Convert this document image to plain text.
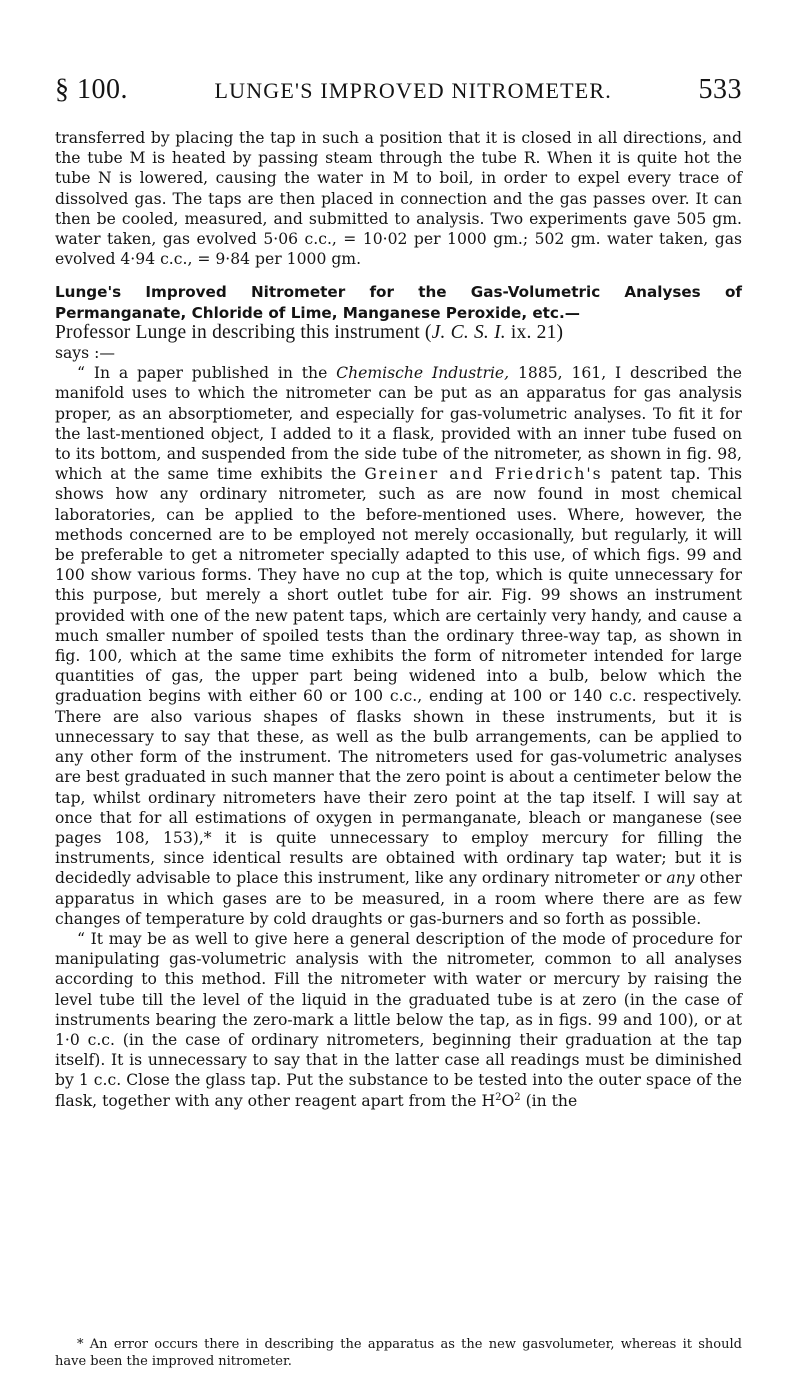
§ 100.	LUNGE'S IMPROVED NITROMETER.	533

transferred by placing the tap in such a position that it is closed in all directions, and the tube M is heated by passing steam through the tube R. When it is quite hot the tube N is lowered, causing the water in M to boil, in order to expel every trace of dissolved gas. The taps are then placed in connection and the gas passes over. It can then be cooled, measured, and submitted to analysis. Two experiments gave 505 gm. water taken, gas evolved 5·06 c.c., = 10·02 per 1000 gm.; 502 gm. water taken, gas evolved 4·94 c.c., = 9·84 per 1000 gm.

Lunge's Improved Nitrometer for the Gas-Volumetric Analyses of Permanganate, Chloride of Lime, Manganese Peroxide, etc.—

Professor Lunge in describing this instrument (J. C. S. I. ix. 21)
says :—

“ In a paper published in the Chemische Industrie, 1885, 161, I described the manifold uses to which the nitrometer can be put as an apparatus for gas analysis proper, as an absorptiometer, and especially for gas-volumetric analyses. To fit it for the last-mentioned object, I added to it a flask, provided with an inner tube fused on to its bottom, and suspended from the side tube of the nitrometer, as shown in fig. 98, which at the same time exhibits the Greiner and Friedrich's patent tap. This shows how any ordinary nitrometer, such as are now found in most chemical laboratories, can be applied to the before-mentioned uses. Where, however, the methods concerned are to be employed not merely occasionally, but regularly, it will be preferable to get a nitrometer specially adapted to this use, of which figs. 99 and 100 show various forms. They have no cup at the top, which is quite unnecessary for this purpose, but merely a short outlet tube for air. Fig. 99 shows an instrument provided with one of the new patent taps, which are certainly very handy, and cause a much smaller number of spoiled tests than the ordinary three-way tap, as shown in fig. 100, which at the same time exhibits the form of nitrometer intended for large quantities of gas, the upper part being widened into a bulb, below which the graduation begins with either 60 or 100 c.c., ending at 100 or 140 c.c. respectively. There are also various shapes of flasks shown in these instruments, but it is unnecessary to say that these, as well as the bulb arrangements, can be applied to any other form of the instrument. The nitrometers used for gas-volumetric analyses are best graduated in such manner that the zero point is about a centimeter below the tap, whilst ordinary nitrometers have their zero point at the tap itself. I will say at once that for all estimations of oxygen in permanganate, bleach or manganese (see pages 108, 153),* it is quite unnecessary to employ mercury for filling the instruments, since identical results are obtained with ordinary tap water; but it is decidedly advisable to place this instrument, like any ordinary nitrometer or any other apparatus in which gases are to be measured, in a room where there are as few changes of temperature by cold draughts or gas-burners and so forth as possible.

“ It may be as well to give here a general description of the mode of procedure for manipulating gas-volumetric analysis with the nitrometer, common to all analyses according to this method. Fill the nitrometer with water or mercury by raising the level tube till the level of the liquid in the graduated tube is at zero (in the case of instruments bearing the zero-mark a little below the tap, as in figs. 99 and 100), or at 1·0 c.c. (in the case of ordinary nitrometers, beginning their graduation at the tap itself). It is unnecessary to say that in the latter case all readings must be diminished by 1 c.c. Close the glass tap. Put the substance to be tested into the outer space of the flask, together with any other reagent apart from the $H^2O^2$ (in the

* An error occurs there in describing the apparatus as the new gasvolumeter, whereas it should have been the improved nitrometer.
